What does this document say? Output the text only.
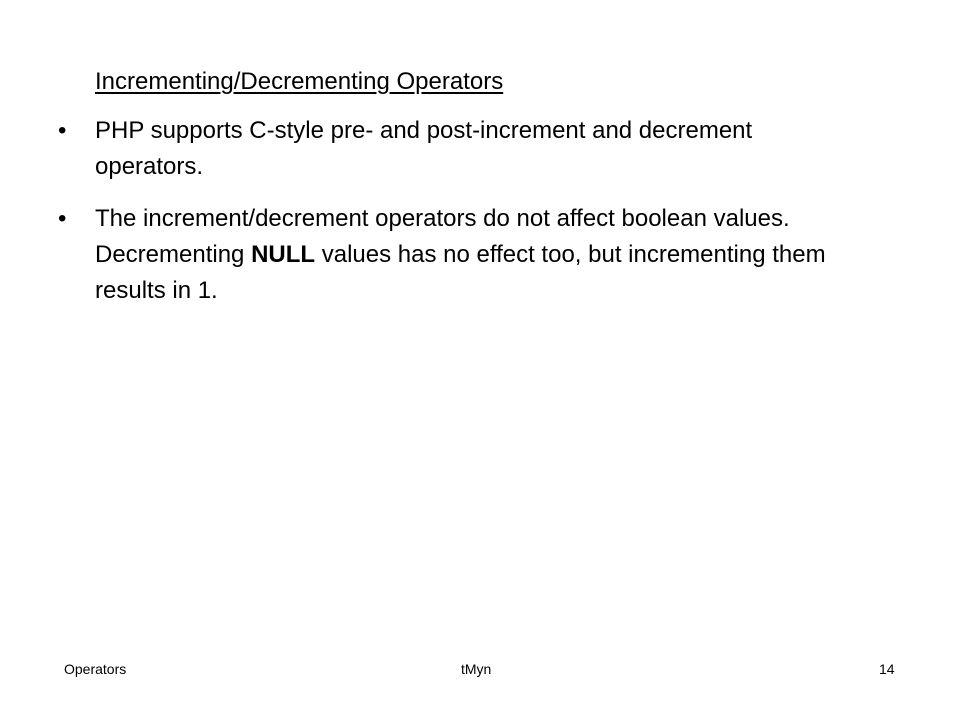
Incrementing/Decrementing Operators
• PHP supports C-style pre- and post-increment and decrement operators.
• The increment/decrement operators do not affect boolean values. Decrementing NULL values has no effect too, but incrementing them results in 1.
Operators	tMyn	14
